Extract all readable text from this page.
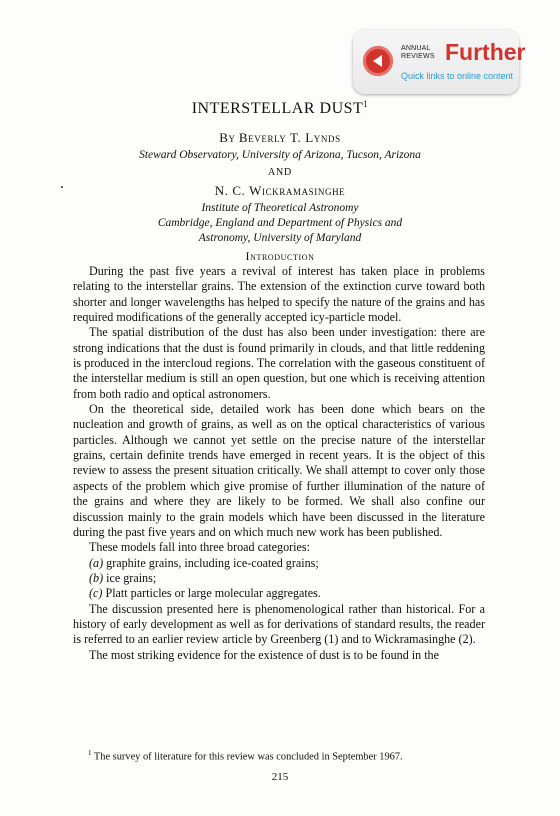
ANNUAL
REVIEWS Further
Quick links to online content
INTERSTELLAR DUST$^1$
By Beverly T. Lynds
Steward Observatory, University of Arizona, Tucson, Arizona
AND
N. C. Wickramasinghe
Institute of Theoretical Astronomy
Cambridge, England and Department of Physics and
Astronomy, University of Maryland
Introduction

During the past five years a revival of interest has taken place in problems relating to the interstellar grains. The extension of the extinction curve toward both shorter and longer wavelengths has helped to specify the nature of the grains and has required modifications of the generally accepted icy-particle model.

The spatial distribution of the dust has also been under investigation: there are strong indications that the dust is found primarily in clouds, and that little reddening is produced in the intercloud regions. The correlation with the gaseous constituent of the interstellar medium is still an open question, but one which is receiving attention from both radio and optical astronomers.

On the theoretical side, detailed work has been done which bears on the nucleation and growth of grains, as well as on the optical characteristics of various particles. Although we cannot yet settle on the precise nature of the interstellar grains, certain definite trends have emerged in recent years. It is the object of this review to assess the present situation critically. We shall attempt to cover only those aspects of the problem which give promise of further illumination of the nature of the grains and where they are likely to be formed. We shall also confine our discussion mainly to the grain models which have been discussed in the literature during the past five years and on which much new work has been published.

These models fall into three broad categories:

(a) graphite grains, including ice-coated grains;
(b) ice grains;
(c) Platt particles or large molecular aggregates.

The discussion presented here is phenomenological rather than historical. For a history of early development as well as for derivations of standard results, the reader is referred to an earlier review article by Greenberg (1) and to Wickramasinghe (2).

The most striking evidence for the existence of dust is to be found in the

$^1$ The survey of literature for this review was concluded in September 1967.
215
